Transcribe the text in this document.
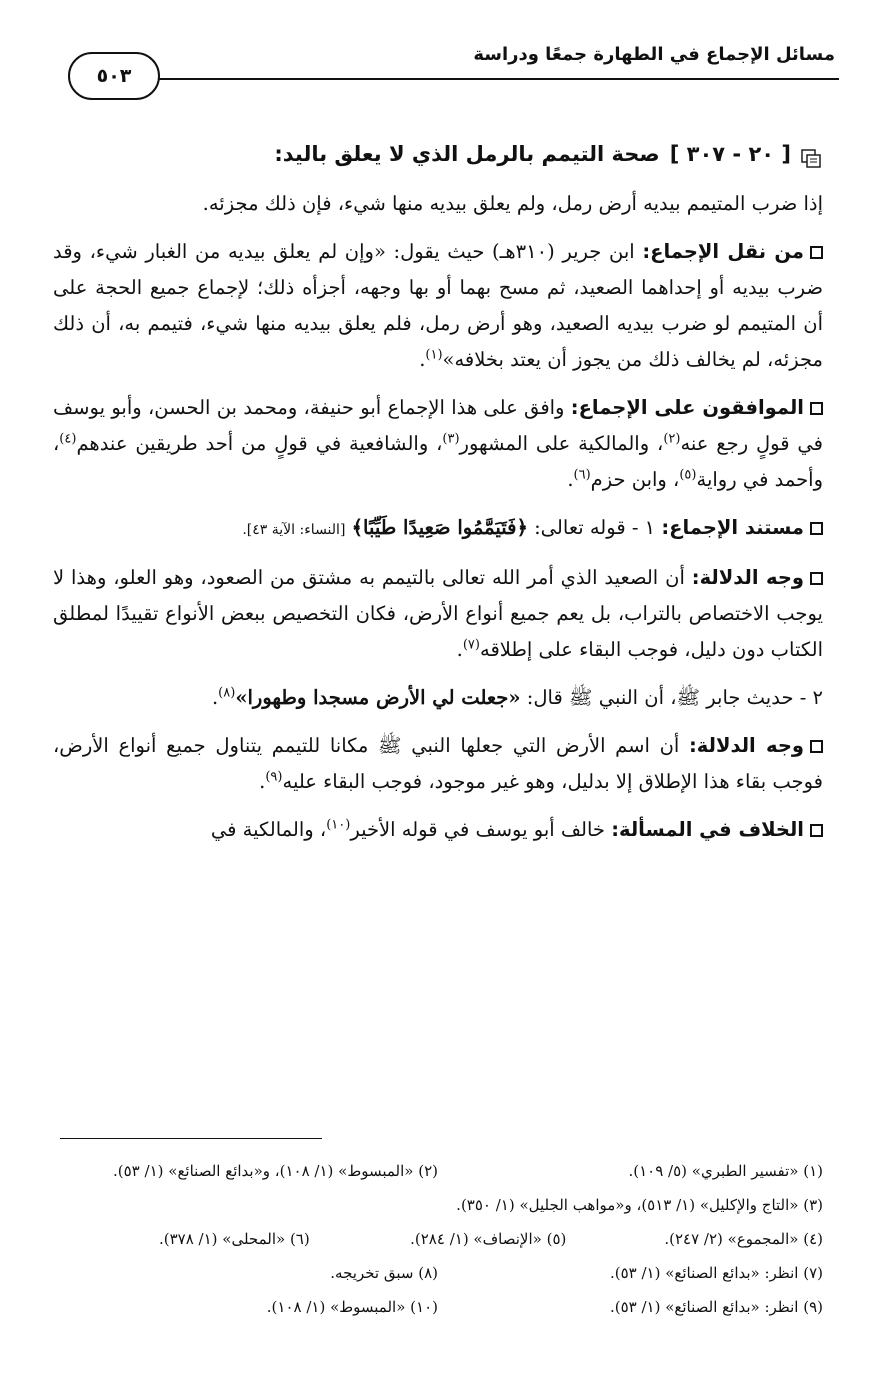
مسائل الإجماع في الطهارة جمعًا ودراسة
٥٠٣
[ ٢٠ - ٣٠٧ ]
صحة التيمم بالرمل الذي لا يعلق باليد:

إذا ضرب المتيمم بيديه أرض رمل، ولم يعلق بيديه منها شيء، فإن ذلك مجزئه.

من نقل الإجماع: ابن جرير (٣١٠هـ) حيث يقول: «وإن لم يعلق بيديه من الغبار شيء، وقد ضرب بيديه أو إحداهما الصعيد، ثم مسح بهما أو بها وجهه، أجزأه ذلك؛ لإجماع جميع الحجة على أن المتيمم لو ضرب بيديه الصعيد، وهو أرض رمل، فلم يعلق بيديه منها شيء، فتيمم به، أن ذلك مجزئه، لم يخالف ذلك من يجوز أن يعتد بخلافه»$^{(١)}$.

الموافقون على الإجماع: وافق على هذا الإجماع أبو حنيفة، ومحمد بن الحسن، وأبو يوسف في قولٍ رجع عنه$^{(٢)}$، والمالكية على المشهور$^{(٣)}$، والشافعية في قولٍ من أحد طريقين عندهم$^{(٤)}$، وأحمد في رواية$^{(٥)}$، وابن حزم$^{(٦)}$.

مستند الإجماع: ١ - قوله تعالى: ﴿فَتَيَمَّمُوا صَعِيدًا طَيِّبًا﴾ [النساء: الآية ٤٣].

وجه الدلالة: أن الصعيد الذي أمر الله تعالى بالتيمم به مشتق من الصعود، وهو العلو، وهذا لا يوجب الاختصاص بالتراب، بل يعم جميع أنواع الأرض، فكان التخصيص ببعض الأنواع تقييدًا لمطلق الكتاب دون دليل، فوجب البقاء على إطلاقه$^{(٧)}$.

٢ - حديث جابر ﷺ، أن النبي ﷺ قال: «جعلت لي الأرض مسجدا وطهورا»$^{(٨)}$.

وجه الدلالة: أن اسم الأرض التي جعلها النبي ﷺ مكانا للتيمم يتناول جميع أنواع الأرض، فوجب بقاء هذا الإطلاق إلا بدليل، وهو غير موجود، فوجب البقاء عليه$^{(٩)}$.

الخلاف في المسألة: خالف أبو يوسف في قوله الأخير$^{(١٠)}$، والمالكية في

(١) «تفسير الطبري» (٥/ ١٠٩).
(٢) «المبسوط» (١/ ١٠٨)، و«بدائع الصنائع» (١/ ٥٣).
(٣) «التاج والإكليل» (١/ ٥١٣)، و«مواهب الجليل» (١/ ٣٥٠).
(٤) «المجموع» (٢/ ٢٤٧).
(٥) «الإنصاف» (١/ ٢٨٤).
(٦) «المحلى» (١/ ٣٧٨).
(٧) انظر: «بدائع الصنائع» (١/ ٥٣).
(٨) سبق تخريجه.
(٩) انظر: «بدائع الصنائع» (١/ ٥٣).
(١٠) «المبسوط» (١/ ١٠٨).
